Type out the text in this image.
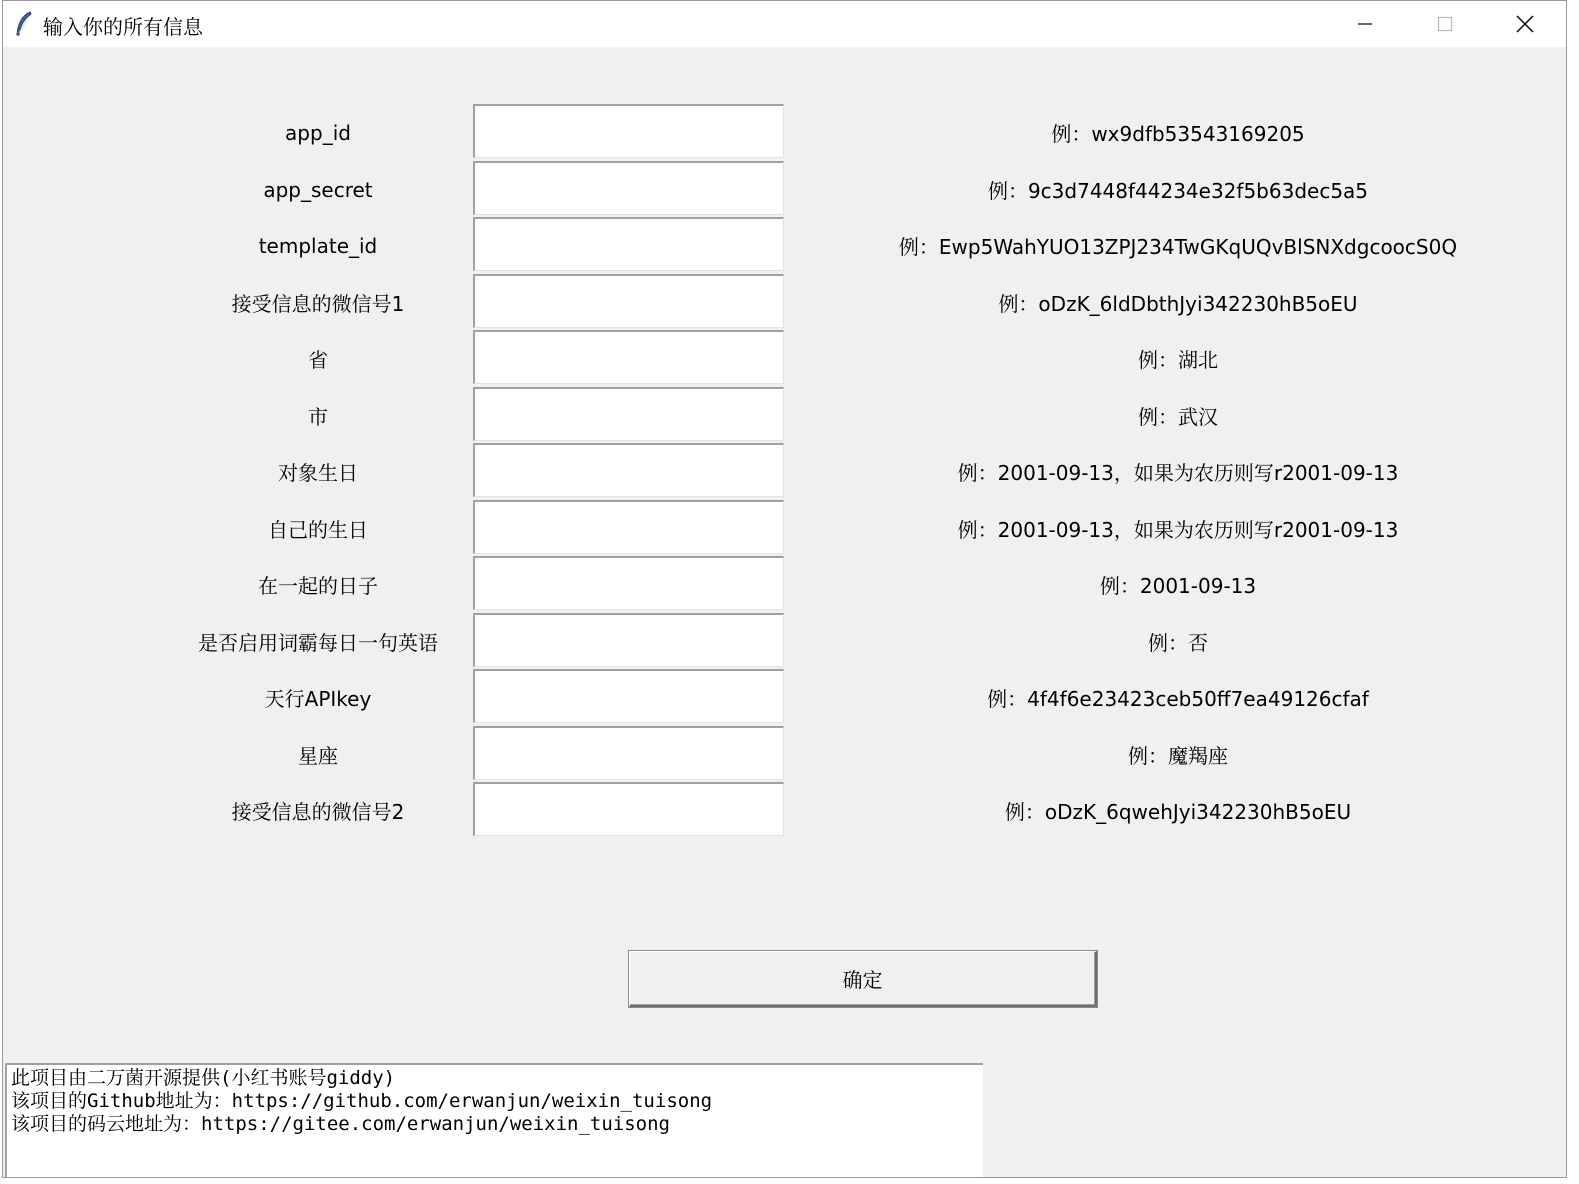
输入你的所有信息
app_id	例：wx9dfb53543169205
app_secret	例：9c3d7448f44234e32f5b63dec5a5
template_id	例：Ewp5WahYUO13ZPJ234TwGKqUQvBlSNXdgcoocS0Q
接受信息的微信号1	例：oDzK_6ldDbthJyi342230hB5oEU
省	例：湖北
市	例：武汉
对象生日	例：2001-09-13，如果为农历则写r2001-09-13
自己的生日	例：2001-09-13，如果为农历则写r2001-09-13
在一起的日子	例：2001-09-13
是否启用词霸每日一句英语	例：否
天行APIkey	例：4f4f6e23423ceb50ff7ea49126cfaf
星座	例：魔羯座
接受信息的微信号2	例：oDzK_6qwehJyi342230hB5oEU
确定
此项目由二万菌开源提供(小红书账号giddy)
该项目的Github地址为：https://github.com/erwanjun/weixin_tuisong
该项目的码云地址为：https://gitee.com/erwanjun/weixin_tuisong
